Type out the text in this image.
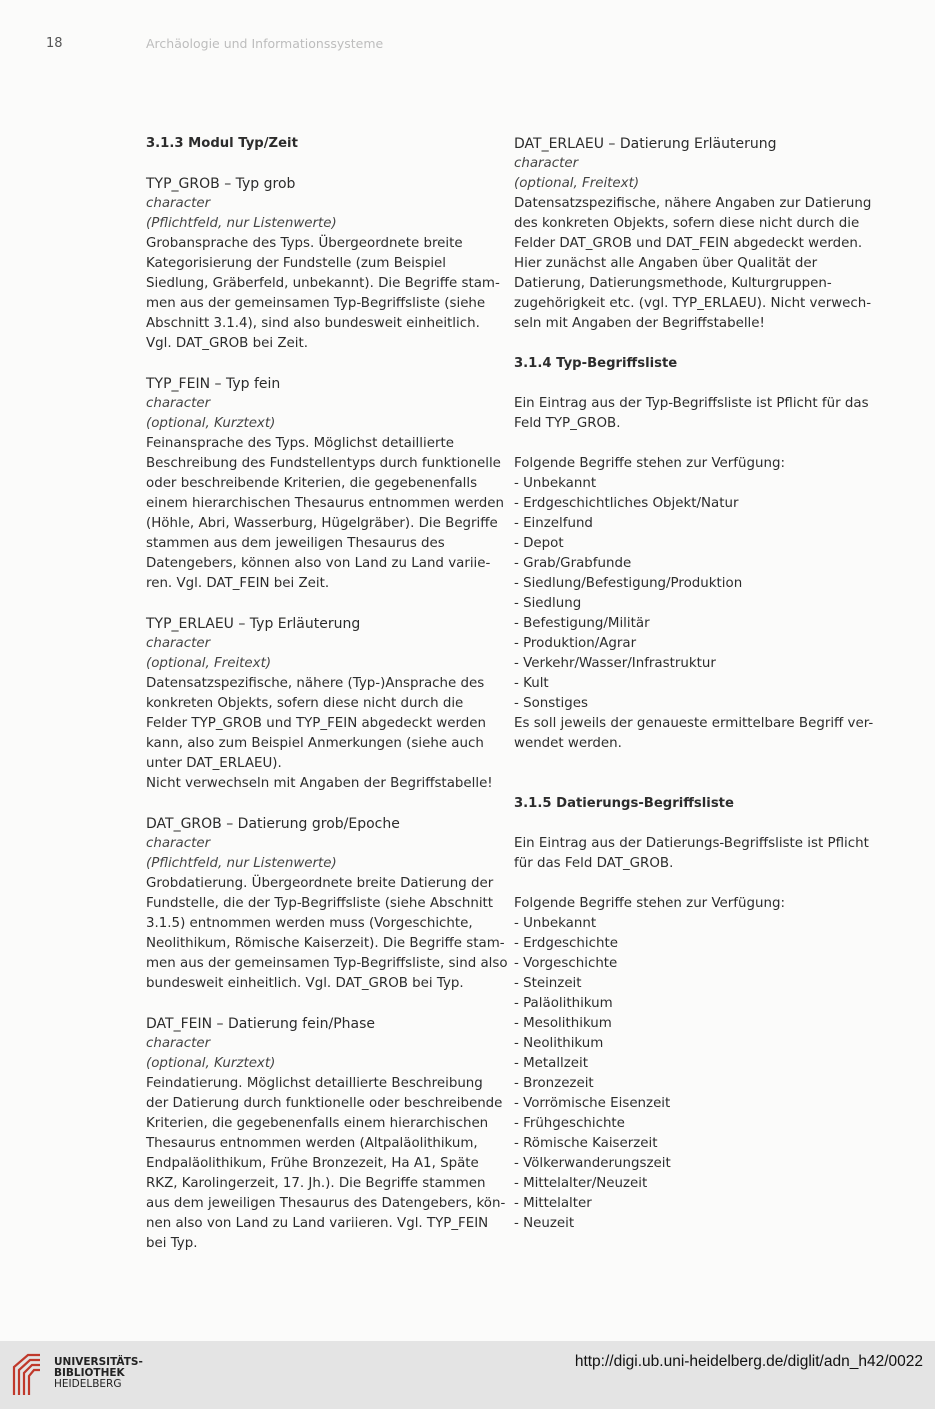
18	Archäologie und Informationssysteme
3.1.3 Modul Typ/Zeit
TYP_GROB – Typ grob
character
(Pflichtfeld, nur Listenwerte)
Grobansprache des Typs. Übergeordnete breite
Kategorisierung der Fundstelle (zum Beispiel
Siedlung, Gräberfeld, unbekannt). Die Begriffe stam-
men aus der gemeinsamen Typ-Begriffsliste (siehe
Abschnitt 3.1.4), sind also bundesweit einheitlich.
Vgl. DAT_GROB bei Zeit.
TYP_FEIN – Typ fein
character
(optional, Kurztext)
Feinansprache des Typs. Möglichst detaillierte
Beschreibung des Fundstellentyps durch funktionelle
oder beschreibende Kriterien, die gegebenenfalls
einem hierarchischen Thesaurus entnommen werden
(Höhle, Abri, Wasserburg, Hügelgräber). Die Begriffe
stammen aus dem jeweiligen Thesaurus des
Datengebers, können also von Land zu Land variie-
ren. Vgl. DAT_FEIN bei Zeit.
TYP_ERLAEU – Typ Erläuterung
character
(optional, Freitext)
Datensatzspezifische, nähere (Typ-)Ansprache des
konkreten Objekts, sofern diese nicht durch die
Felder TYP_GROB und TYP_FEIN abgedeckt werden
kann, also zum Beispiel Anmerkungen (siehe auch
unter DAT_ERLAEU).
Nicht verwechseln mit Angaben der Begriffstabelle!
DAT_GROB – Datierung grob/Epoche
character
(Pflichtfeld, nur Listenwerte)
Grobdatierung. Übergeordnete breite Datierung der
Fundstelle, die der Typ-Begriffsliste (siehe Abschnitt
3.1.5) entnommen werden muss (Vorgeschichte,
Neolithikum, Römische Kaiserzeit). Die Begriffe stam-
men aus der gemeinsamen Typ-Begriffsliste, sind also
bundesweit einheitlich. Vgl. DAT_GROB bei Typ.
DAT_FEIN – Datierung fein/Phase
character
(optional, Kurztext)
Feindatierung. Möglichst detaillierte Beschreibung
der Datierung durch funktionelle oder beschreibende
Kriterien, die gegebenenfalls einem hierarchischen
Thesaurus entnommen werden (Altpaläolithikum,
Endpaläolithikum, Frühe Bronzezeit, Ha A1, Späte
RKZ, Karolingerzeit, 17. Jh.). Die Begriffe stammen
aus dem jeweiligen Thesaurus des Datengebers, kön-
nen also von Land zu Land variieren. Vgl. TYP_FEIN
bei Typ.
DAT_ERLAEU – Datierung Erläuterung
character
(optional, Freitext)
Datensatzspezifische, nähere Angaben zur Datierung
des konkreten Objekts, sofern diese nicht durch die
Felder DAT_GROB und DAT_FEIN abgedeckt werden.
Hier zunächst alle Angaben über Qualität der
Datierung, Datierungsmethode, Kulturgruppen-
zugehörigkeit etc. (vgl. TYP_ERLAEU). Nicht verwech-
seln mit Angaben der Begriffstabelle!
3.1.4 Typ-Begriffsliste
Ein Eintrag aus der Typ-Begriffsliste ist Pflicht für das
Feld TYP_GROB.
Folgende Begriffe stehen zur Verfügung:
- Unbekannt
- Erdgeschichtliches Objekt/Natur
- Einzelfund
- Depot
- Grab/Grabfunde
- Siedlung/Befestigung/Produktion
- Siedlung
- Befestigung/Militär
- Produktion/Agrar
- Verkehr/Wasser/Infrastruktur
- Kult
- Sonstiges
Es soll jeweils der genaueste ermittelbare Begriff ver-
wendet werden.
3.1.5 Datierungs-Begriffsliste
Ein Eintrag aus der Datierungs-Begriffsliste ist Pflicht
für das Feld DAT_GROB.
Folgende Begriffe stehen zur Verfügung:
- Unbekannt
- Erdgeschichte
- Vorgeschichte
- Steinzeit
- Paläolithikum
- Mesolithikum
- Neolithikum
- Metallzeit
- Bronzezeit
- Vorrömische Eisenzeit
- Frühgeschichte
- Römische Kaiserzeit
- Völkerwanderungszeit
- Mittelalter/Neuzeit
- Mittelalter
- Neuzeit
UNIVERSITÄTS-
BIBLIOTHEK
HEIDELBERG
http://digi.ub.uni-heidelberg.de/diglit/adn_h42/0022
